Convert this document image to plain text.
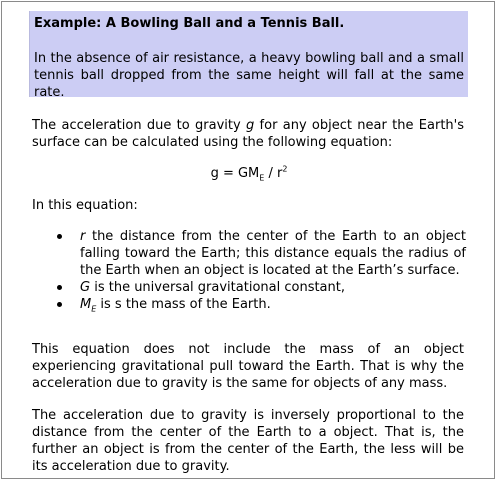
Example: A Bowling Ball and a Tennis Ball.

In the absence of air resistance, a heavy bowling ball and a small tennis ball dropped from the same height will fall at the same rate.

The acceleration due to gravity g for any object near the Earth's surface can be calculated using the following equation:

$g = GM_E / r^2$

In this equation:

r the distance from the center of the Earth to an object falling toward the Earth; this distance equals the radius of the Earth when an object is located at the Earth’s surface.
G is the universal gravitational constant,
$M_E$ is s the mass of the Earth.

This equation does not include the mass of an object experiencing gravitational pull toward the Earth. That is why the acceleration due to gravity is the same for objects of any mass.

The acceleration due to gravity is inversely proportional to the distance from the center of the Earth to a object. That is, the further an object is from the center of the Earth, the less will be its acceleration due to gravity.
